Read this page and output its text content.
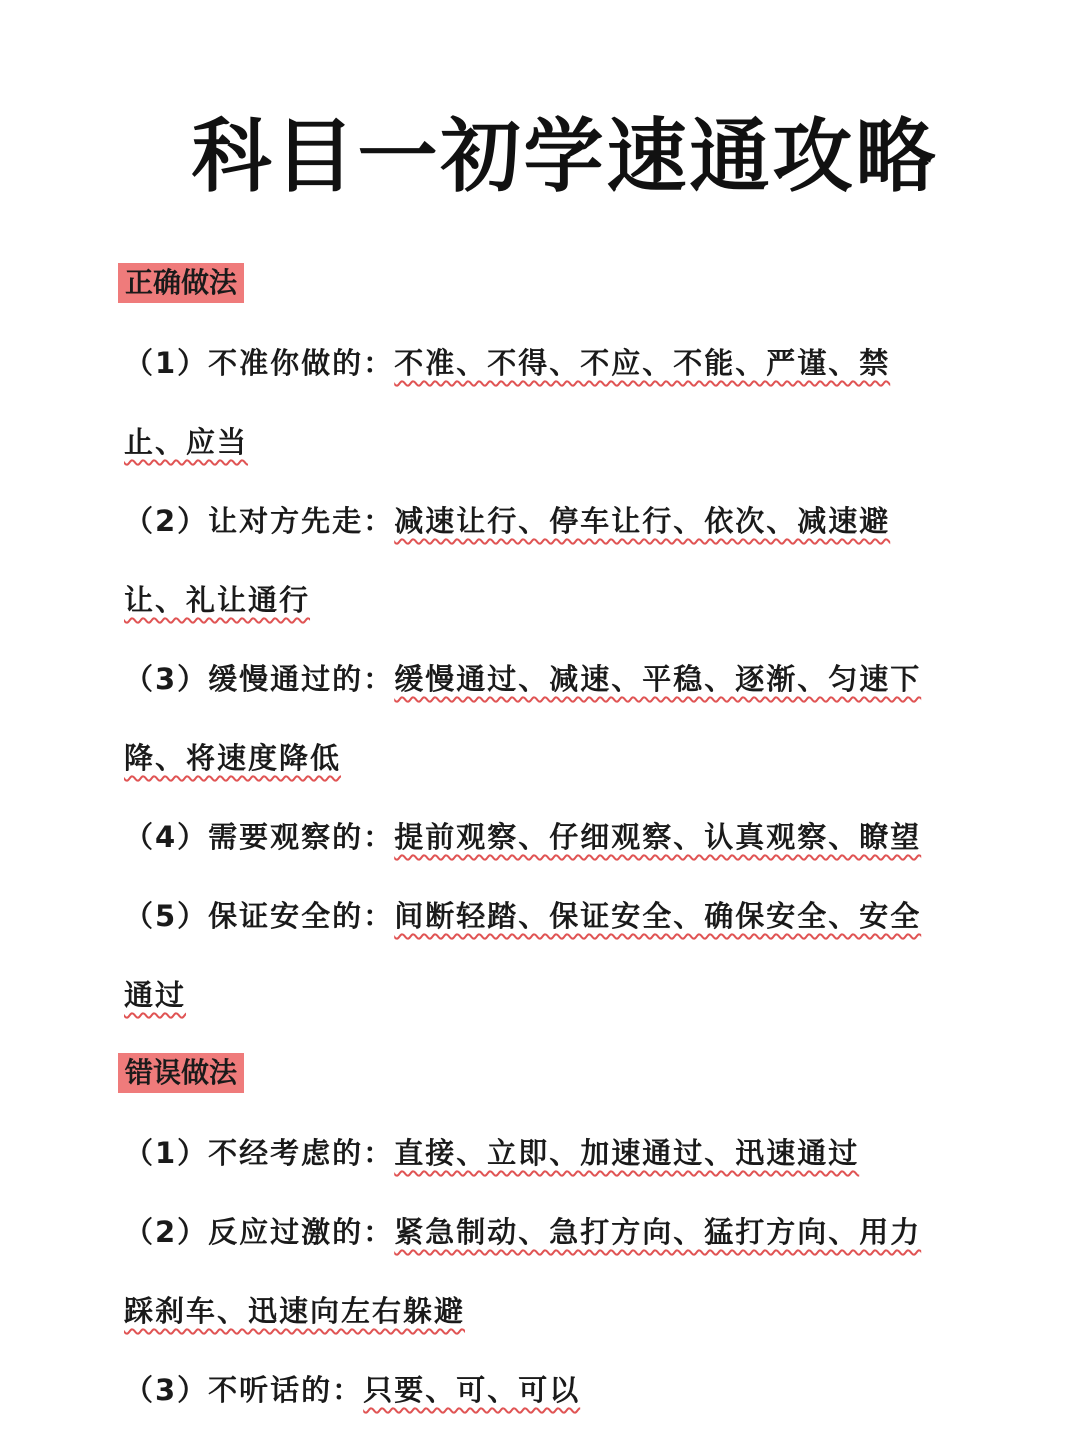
科目一初学速通攻略
正确做法
（1）不准你做的：不准、不得、不应、不能、严谨、禁
止、应当
（2）让对方先走：减速让行、停车让行、依次、减速避
让、礼让通行
（3）缓慢通过的：缓慢通过、减速、平稳、逐渐、匀速下
降、将速度降低
（4）需要观察的：提前观察、仔细观察、认真观察、瞭望
（5）保证安全的：间断轻踏、保证安全、确保安全、安全
通过
错误做法
（1）不经考虑的：直接、立即、加速通过、迅速通过
（2）反应过激的：紧急制动、急打方向、猛打方向、用力
踩刹车、迅速向左右躲避
（3）不听话的：只要、可、可以
